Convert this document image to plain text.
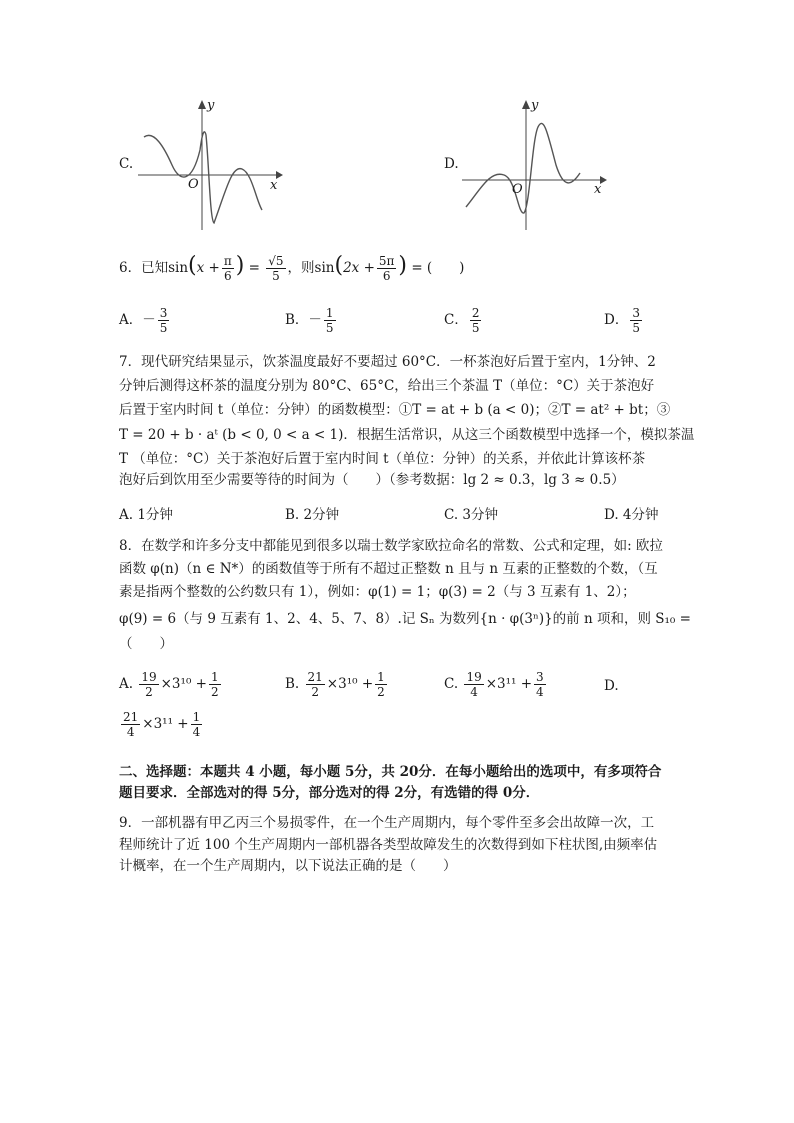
C.
y
x
O
D.
y
x
O
6．已知$\sin(x + \frac{\pi}{6}$ ) = $\frac{√5}{5}$ ，则$\sin(2x + \frac{5\pi}{6}$ ) = (　　)
A．－ $\frac{3}{5}$	B．－ $\frac{1}{5}$	C． $\frac{2}{5}$	D． $\frac{3}{5}$
7．现代研究结果显示，饮茶温度最好不要超过 60°C．一杯茶泡好后置于室内，1分钟、2
分钟后测得这杯茶的温度分别为 80°C、65°C，给出三个茶温 T（单位：°C）关于茶泡好
后置于室内时间 t（单位：分钟）的函数模型：①T = at + b (a < 0)；②T = at² + bt；③
T = 20 + b · aᵗ (b < 0, 0 < a < 1)．根据生活常识，从这三个函数模型中选择一个，模拟茶温
T （单位：°C）关于茶泡好后置于室内时间 t（单位：分钟）的关系，并依此计算该杯茶
泡好后到饮用至少需要等待的时间为（　　）（参考数据：lg 2 ≈ 0.3，lg 3 ≈ 0.5）
A. 1分钟	B. 2分钟	C. 3分钟	D. 4分钟
8．在数学和许多分支中都能见到很多以瑞士数学家欧拉命名的常数、公式和定理，如: 欧拉
函数 φ(n)（n ∈ N*）的函数值等于所有不超过正整数 n 且与 n 互素的正整数的个数，（互
素是指两个整数的公约数只有 1），例如：φ(1) = 1；φ(3) = 2（与 3 互素有 1、2）；
φ(9) = 6（与 9 互素有 1、2、4、5、7、8）.记 Sₙ 为数列{n · φ(3ⁿ)}的前 n 项和，则 S₁₀ =
（　　）
A. $\frac{19}{2} \times 3^{10} + \frac{1}{2}$	B. $\frac{21}{2} \times 3^{10} + \frac{1}{2}$	C. $\frac{19}{4} \times 3^{11} + \frac{3}{4}$	D.
$\frac{21}{4} \times 3^{11} + \frac{1}{4}$
二、选择题：本题共 4 小题，每小题 5分，共 20分．在每小题给出的选项中，有多项符合
题目要求．全部选对的得 5分，部分选对的得 2分，有选错的得 0分．
9．一部机器有甲乙丙三个易损零件，在一个生产周期内，每个零件至多会出故障一次，工
程师统计了近 100 个生产周期内一部机器各类型故障发生的次数得到如下柱状图,由频率估
计概率，在一个生产周期内，以下说法正确的是（　　）
